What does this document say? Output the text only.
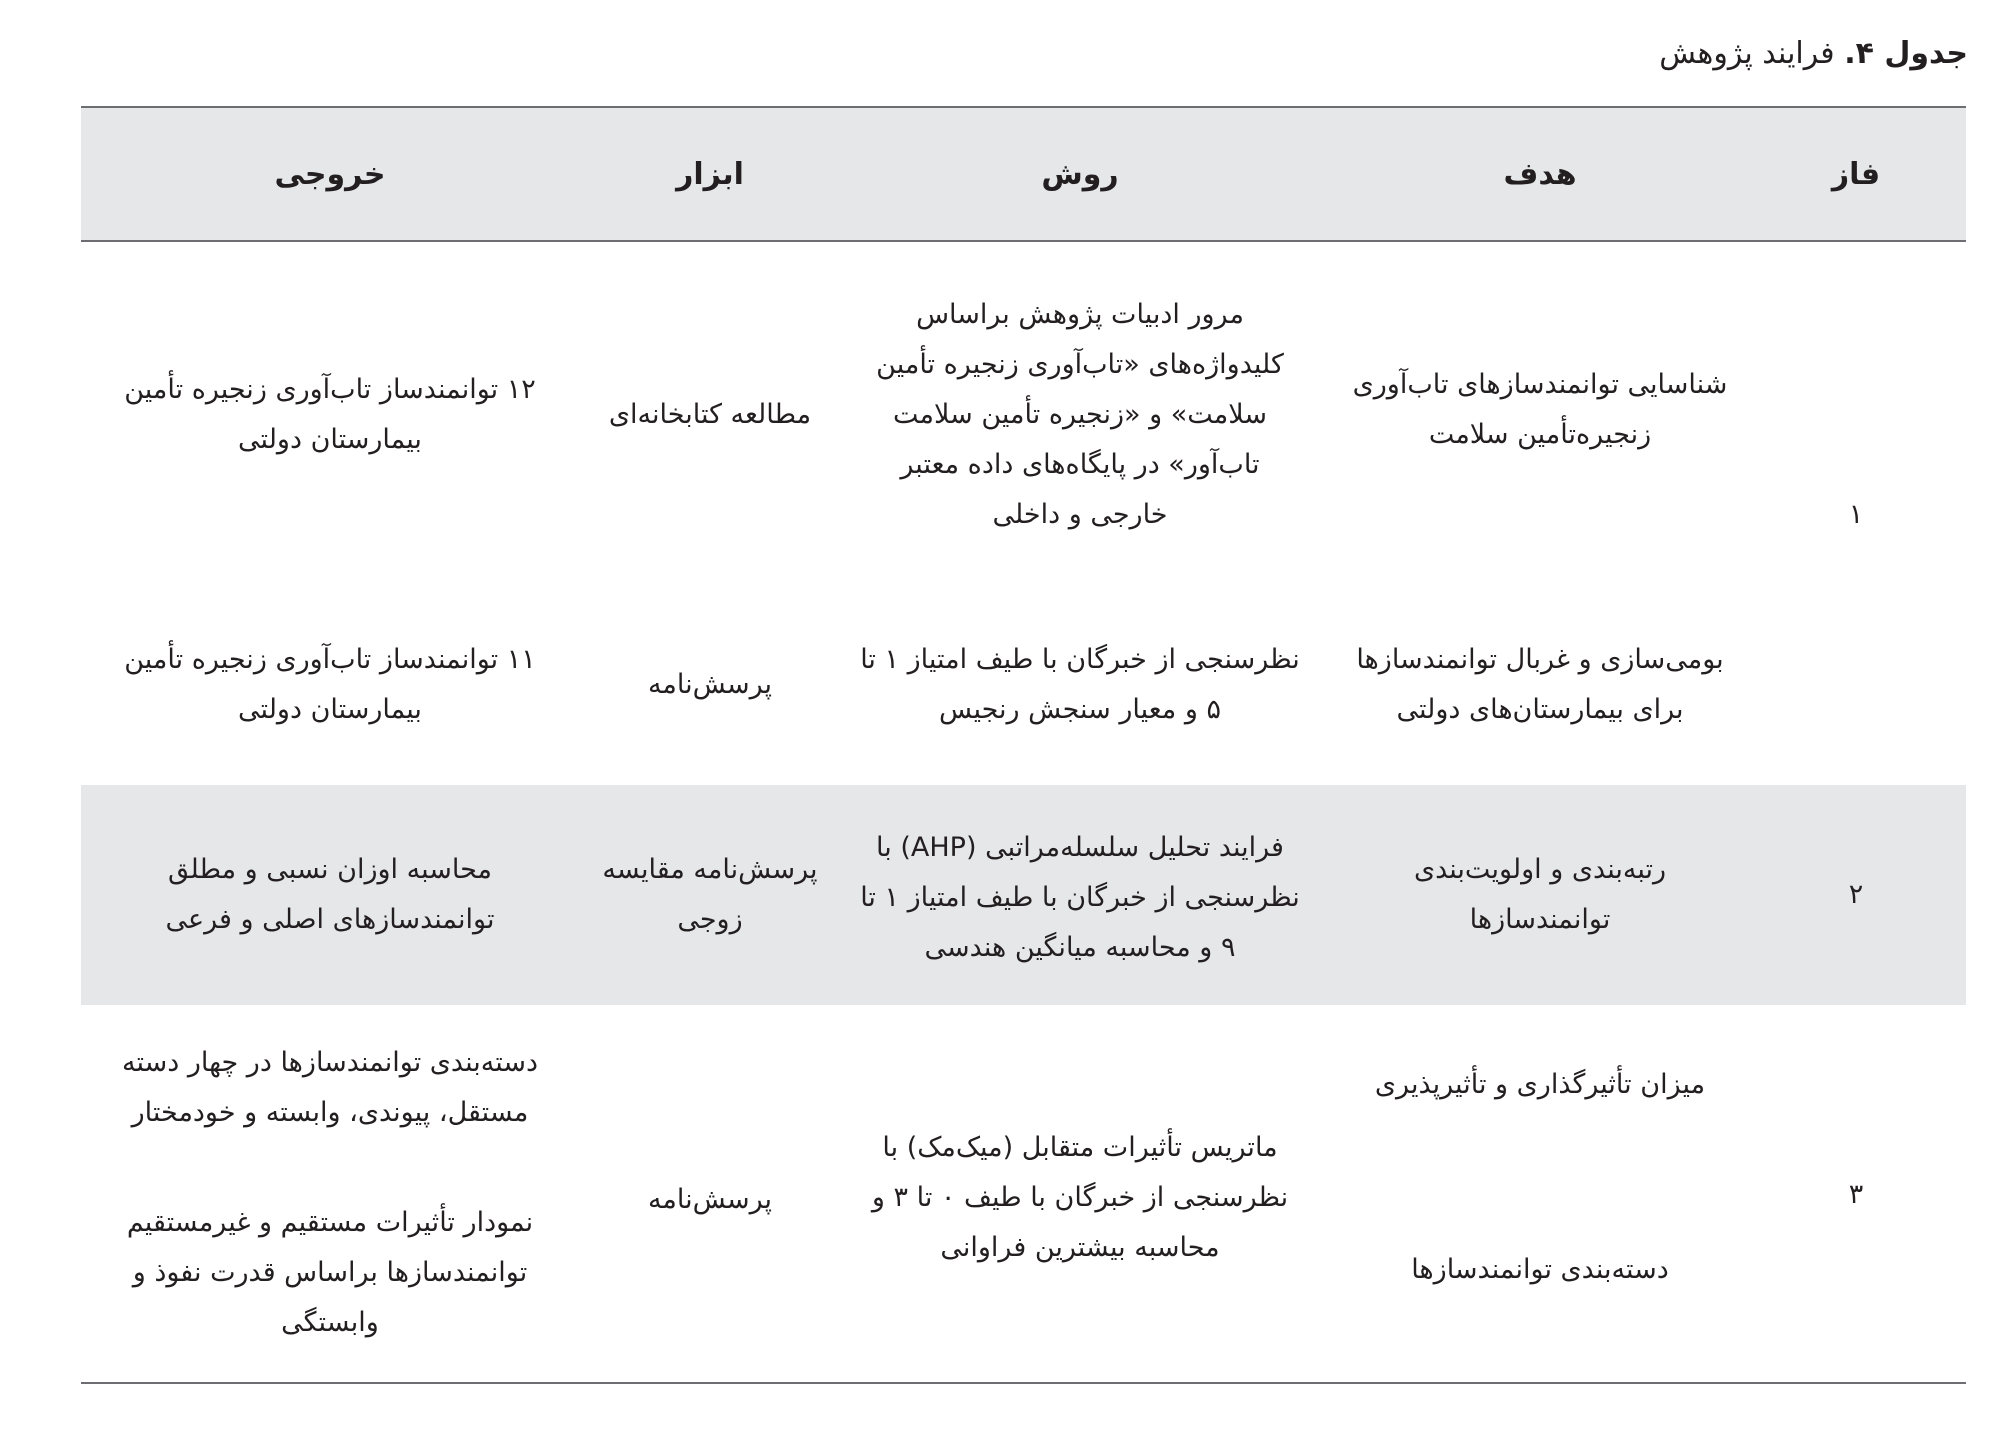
جدول ۴. فرایند پژوهش
فاز
هدف
روش
ابزار
خروجی
۱
۲
۳
شناسایی توانمندسازهای تاب‌آوری
زنجیره‌تأمین سلامت
مرور ادبیات پژوهش براساس
کلیدواژه‌های «تاب‌آوری زنجیره تأمین
سلامت» و «زنجیره تأمین سلامت
تاب‌آور» در پایگاه‌های داده معتبر
خارجی و داخلی
مطالعه کتابخانه‌ای
۱۲ توانمندساز تاب‌آوری زنجیره تأمین
بیمارستان دولتی
بومی‌سازی و غربال توانمندسازها
برای بیمارستان‌های دولتی
نظرسنجی از خبرگان با طیف امتیاز ۱ تا
۵ و معیار سنجش رنجیس
پرسش‌نامه
۱۱ توانمندساز تاب‌آوری زنجیره تأمین
بیمارستان دولتی
رتبه‌بندی و اولویت‌بندی
توانمندسازها
فرایند تحلیل سلسله‌مراتبی (AHP) با
نظرسنجی از خبرگان با طیف امتیاز ۱ تا
۹ و محاسبه میانگین هندسی
پرسش‌نامه مقایسه
زوجی
محاسبه اوزان نسبی و مطلق
توانمندسازهای اصلی و فرعی
میزان تأثیرگذاری و تأثیرپذیری
دسته‌بندی توانمندسازها
ماتریس تأثیرات متقابل (میک‌مک) با
نظرسنجی از خبرگان با طیف ۰ تا ۳ و
محاسبه بیشترین فراوانی
پرسش‌نامه
دسته‌بندی توانمندسازها در چهار دسته
مستقل، پیوندی، وابسته و خودمختار
نمودار تأثیرات مستقیم و غیرمستقیم
توانمندسازها براساس قدرت نفوذ و
وابستگی
